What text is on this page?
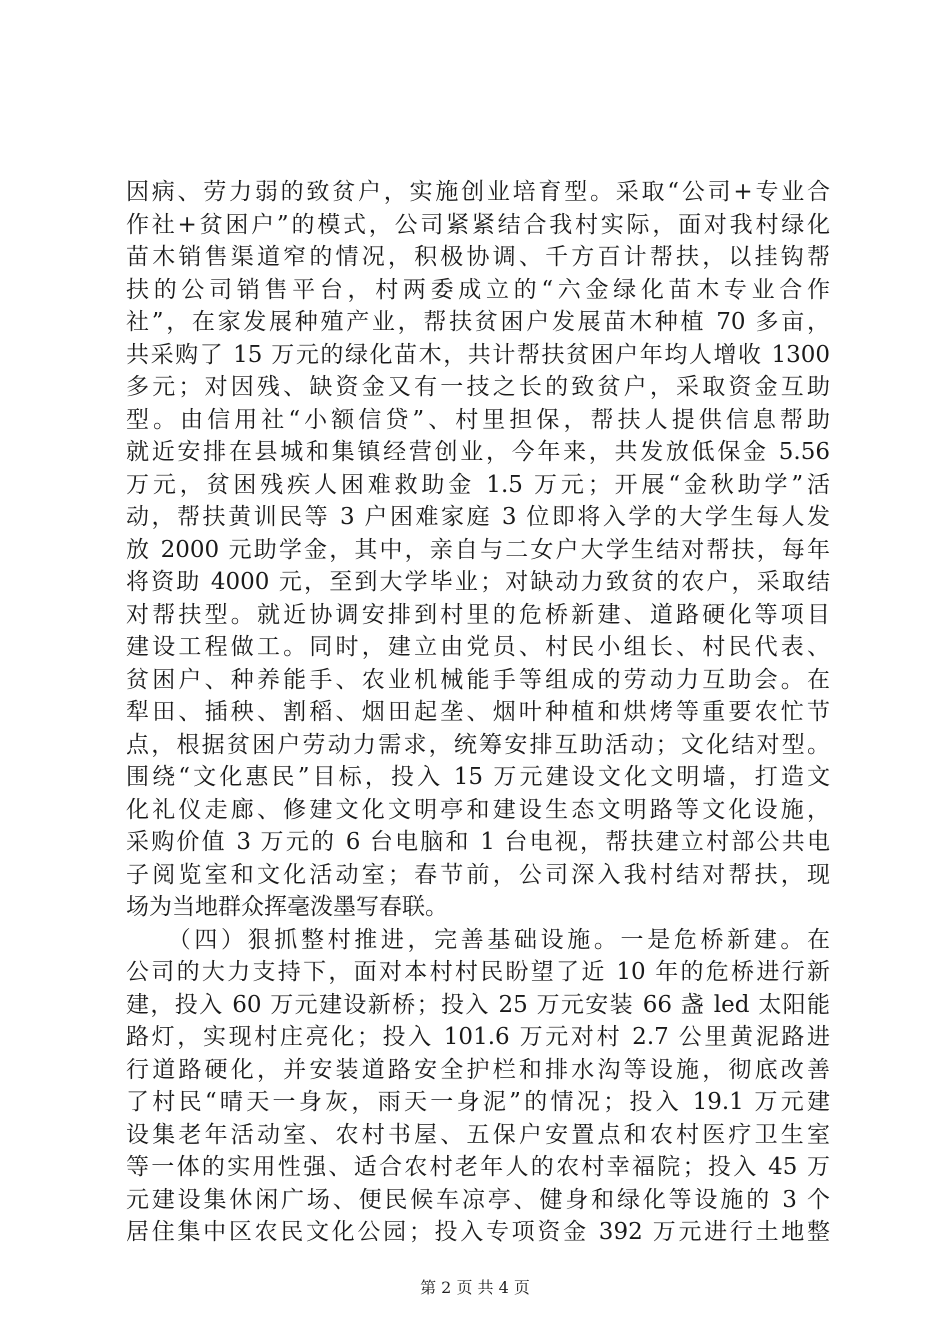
因病、劳力弱的致贫户，实施创业培育型。采取“公司+专业合
作社+贫困户”的模式，公司紧紧结合我村实际，面对我村绿化
苗木销售渠道窄的情况，积极协调、千方百计帮扶，以挂钩帮
扶的公司销售平台，村两委成立的“六金绿化苗木专业合作
社”，在家发展种殖产业，帮扶贫困户发展苗木种植 70 多亩，
共采购了 15 万元的绿化苗木，共计帮扶贫困户年均人增收 1300
多元；对因残、缺资金又有一技之长的致贫户，采取资金互助
型。由信用社“小额信贷”、村里担保，帮扶人提供信息帮助
就近安排在县城和集镇经营创业，今年来，共发放低保金 5.56
万元，贫困残疾人困难救助金 1.5 万元；开展“金秋助学”活
动，帮扶黄训民等 3 户困难家庭 3 位即将入学的大学生每人发
放 2000 元助学金，其中，亲自与二女户大学生结对帮扶，每年
将资助 4000 元，至到大学毕业；对缺动力致贫的农户，采取结
对帮扶型。就近协调安排到村里的危桥新建、道路硬化等项目
建设工程做工。同时，建立由党员、村民小组长、村民代表、
贫困户、种养能手、农业机械能手等组成的劳动力互助会。在
犁田、插秧、割稻、烟田起垄、烟叶种植和烘烤等重要农忙节
点，根据贫困户劳动力需求，统筹安排互助活动；文化结对型。
围绕“文化惠民”目标，投入 15 万元建设文化文明墙，打造文
化礼仪走廊、修建文化文明亭和建设生态文明路等文化设施，
采购价值 3 万元的 6 台电脑和 1 台电视，帮扶建立村部公共电
子阅览室和文化活动室；春节前，公司深入我村结对帮扶，现
场为当地群众挥毫泼墨写春联。
　　（四）狠抓整村推进，完善基础设施。一是危桥新建。在
公司的大力支持下，面对本村村民盼望了近 10 年的危桥进行新
建，投入 60 万元建设新桥；投入 25 万元安装 66 盏 led 太阳能
路灯，实现村庄亮化；投入 101.6 万元对村 2.7 公里黄泥路进
行道路硬化，并安装道路安全护栏和排水沟等设施，彻底改善
了村民“晴天一身灰，雨天一身泥”的情况；投入 19.1 万元建
设集老年活动室、农村书屋、五保户安置点和农村医疗卫生室
等一体的实用性强、适合农村老年人的农村幸福院；投入 45 万
元建设集休闲广场、便民候车凉亭、健身和绿化等设施的 3 个
居住集中区农民文化公园；投入专项资金 392 万元进行土地整
第 2 页 共 4 页
